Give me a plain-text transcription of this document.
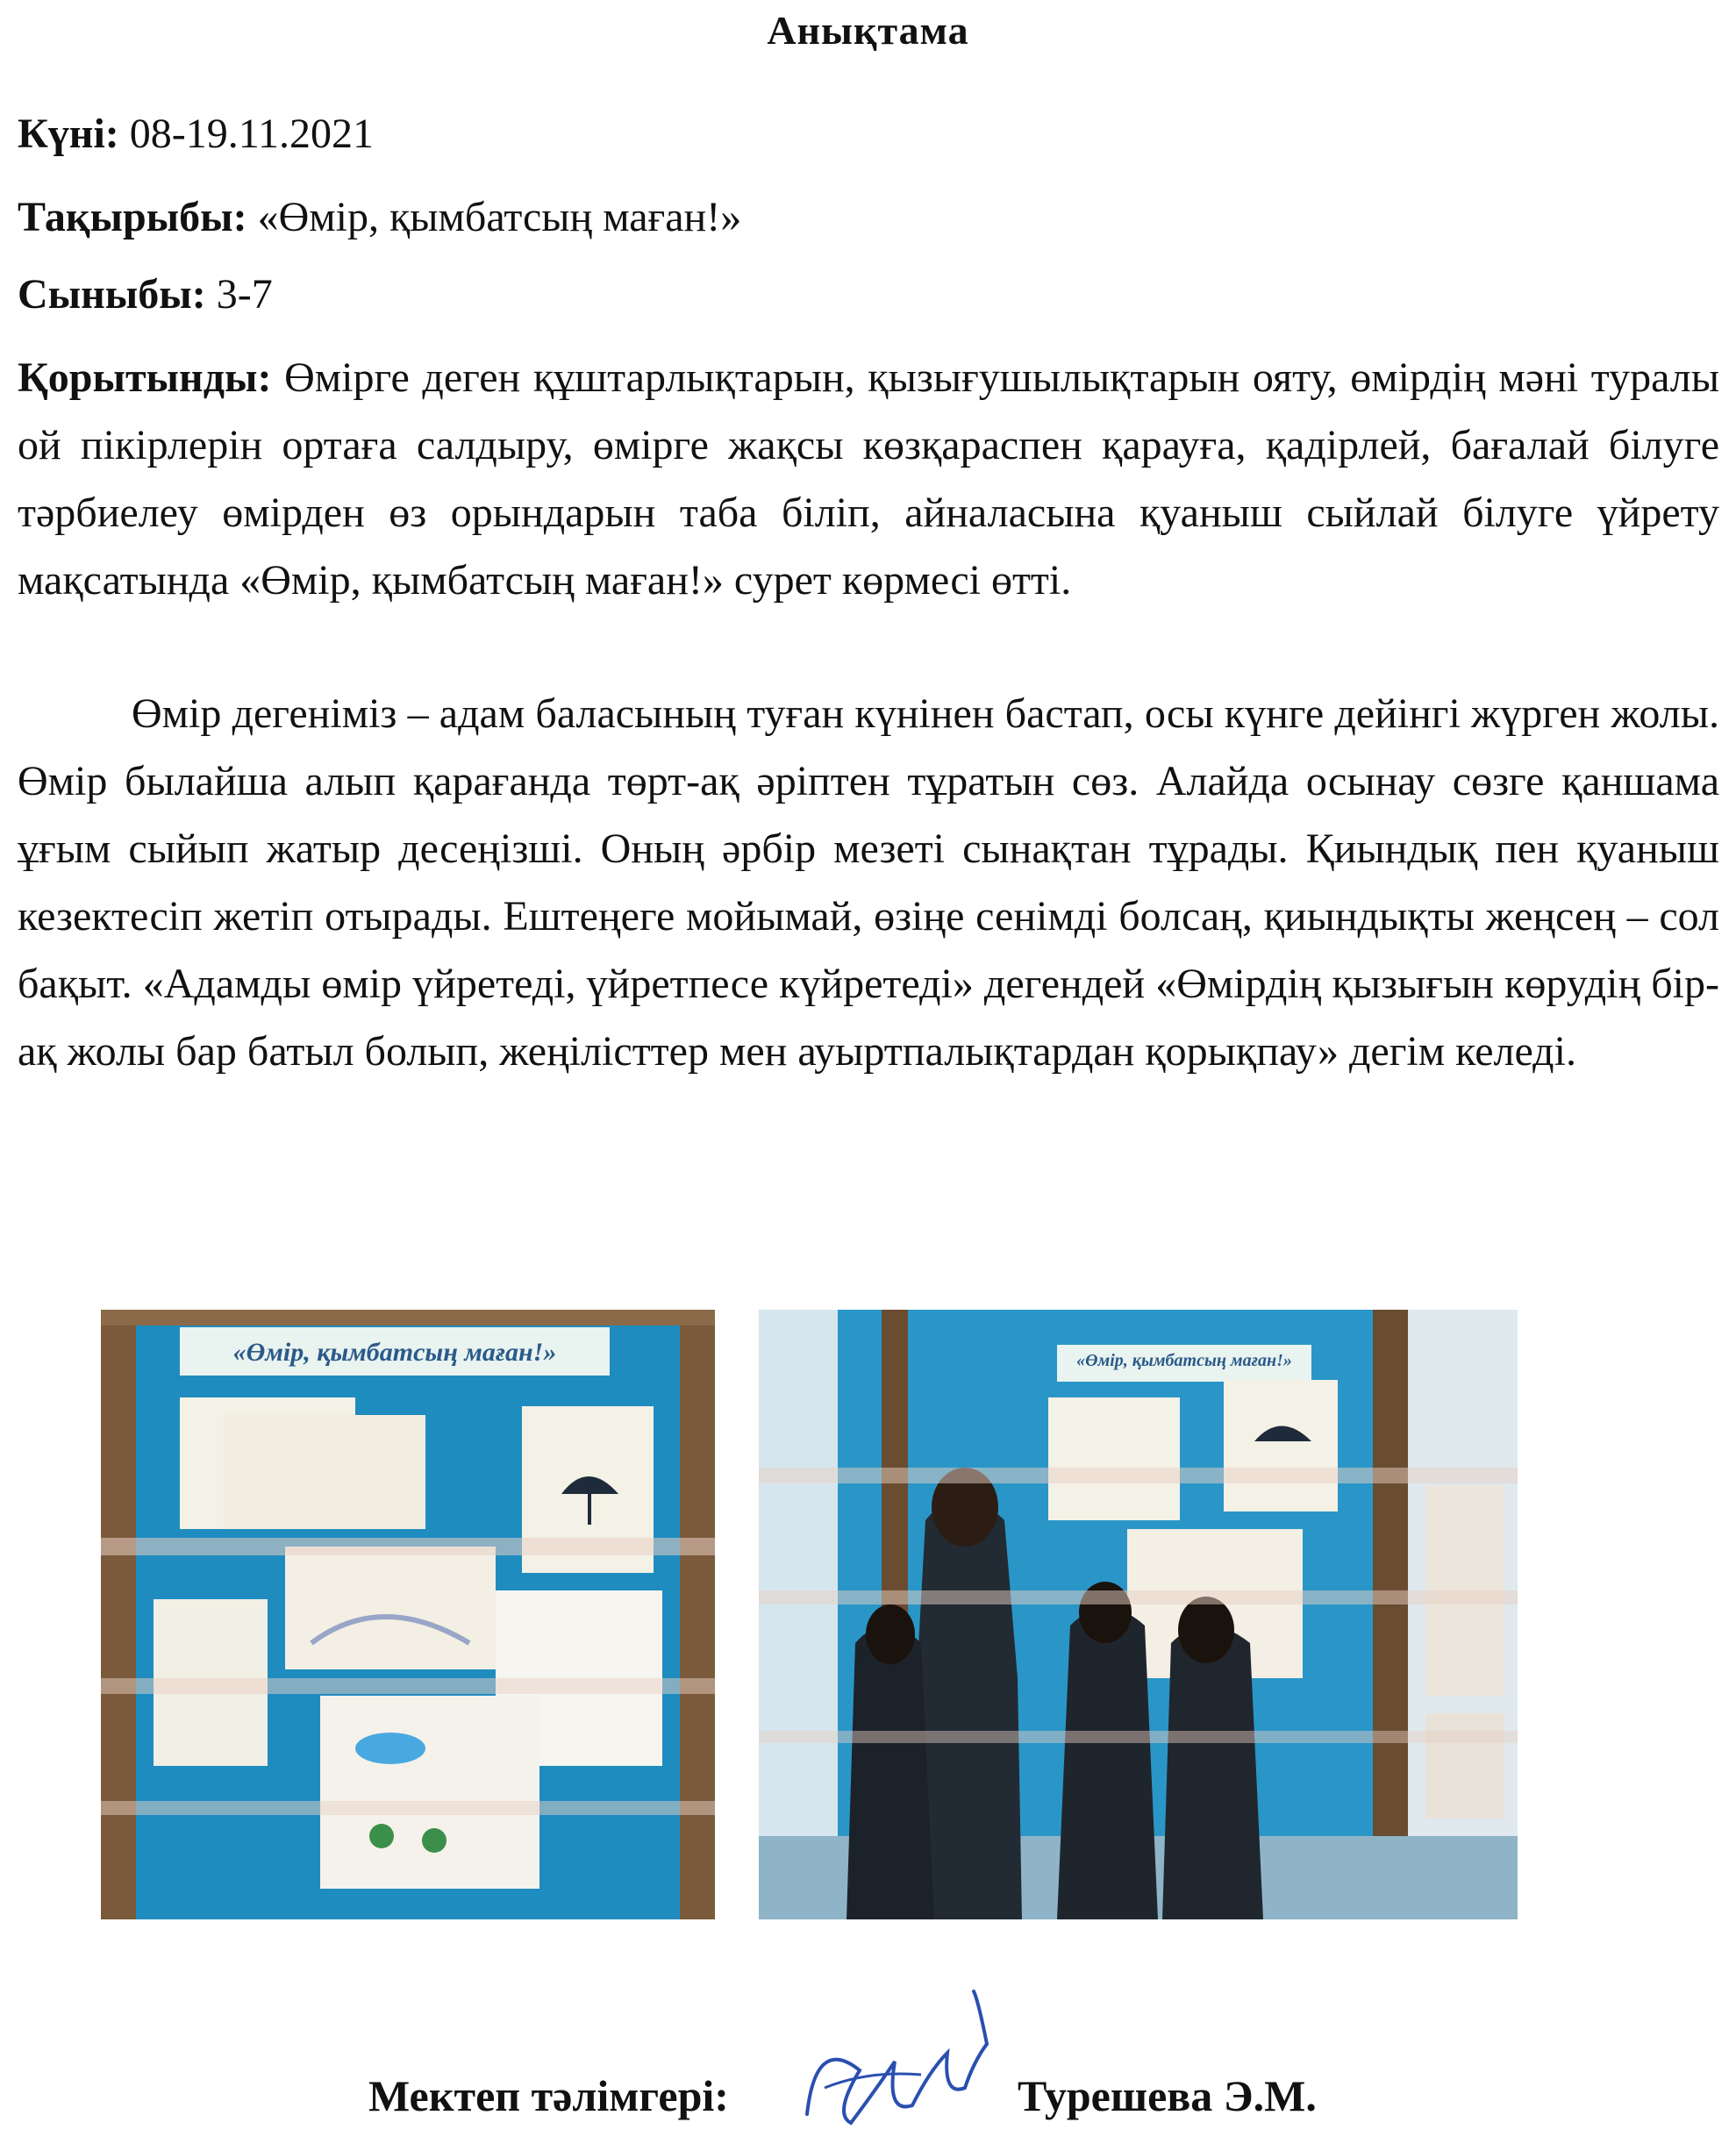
Анықтама
Күні: 08-19.11.2021
Тақырыбы: «Өмір, қымбатсың маған!»
Сыныбы: 3-7
Қорытынды: Өмірге деген құштарлықтарын, қызығушылықтарын ояту, өмірдің мәні туралы ой пікірлерін ортаға салдыру, өмірге жақсы көзқараспен қарауға, қадірлей, бағалай білуге тәрбиелеу өмірден өз орындарын таба біліп, айналасына қуаныш сыйлай білуге үйрету мақсатында «Өмір, қымбатсың маған!» сурет көрмесі өтті.
Өмір дегеніміз – адам баласының туған күнінен бастап, осы күнге дейінгі жүрген жолы. Өмір былайша алып қарағанда төрт-ақ әріптен тұратын сөз. Алайда осынау сөзге қаншама ұғым сыйып жатыр десеңізші. Оның әрбір мезеті сынақтан тұрады. Қиындық пен қуаныш кезектесіп жетіп отырады. Ештеңеге мойымай, өзіңе сенімді болсаң, қиындықты жеңсең – сол бақыт. «Адамды өмір үйретеді, үйретпесе күйретеді» дегендей «Өмірдің қызығын көрудің бір-ақ жолы бар батыл болып, жеңілісттер мен ауыртпалықтардан қорықпау» дегім келеді.
«Өмір, қымбатсың маған!»	«Өмір, қымбатсың маған!»
Мектеп тәлімгері:	Турешева Э.М.
